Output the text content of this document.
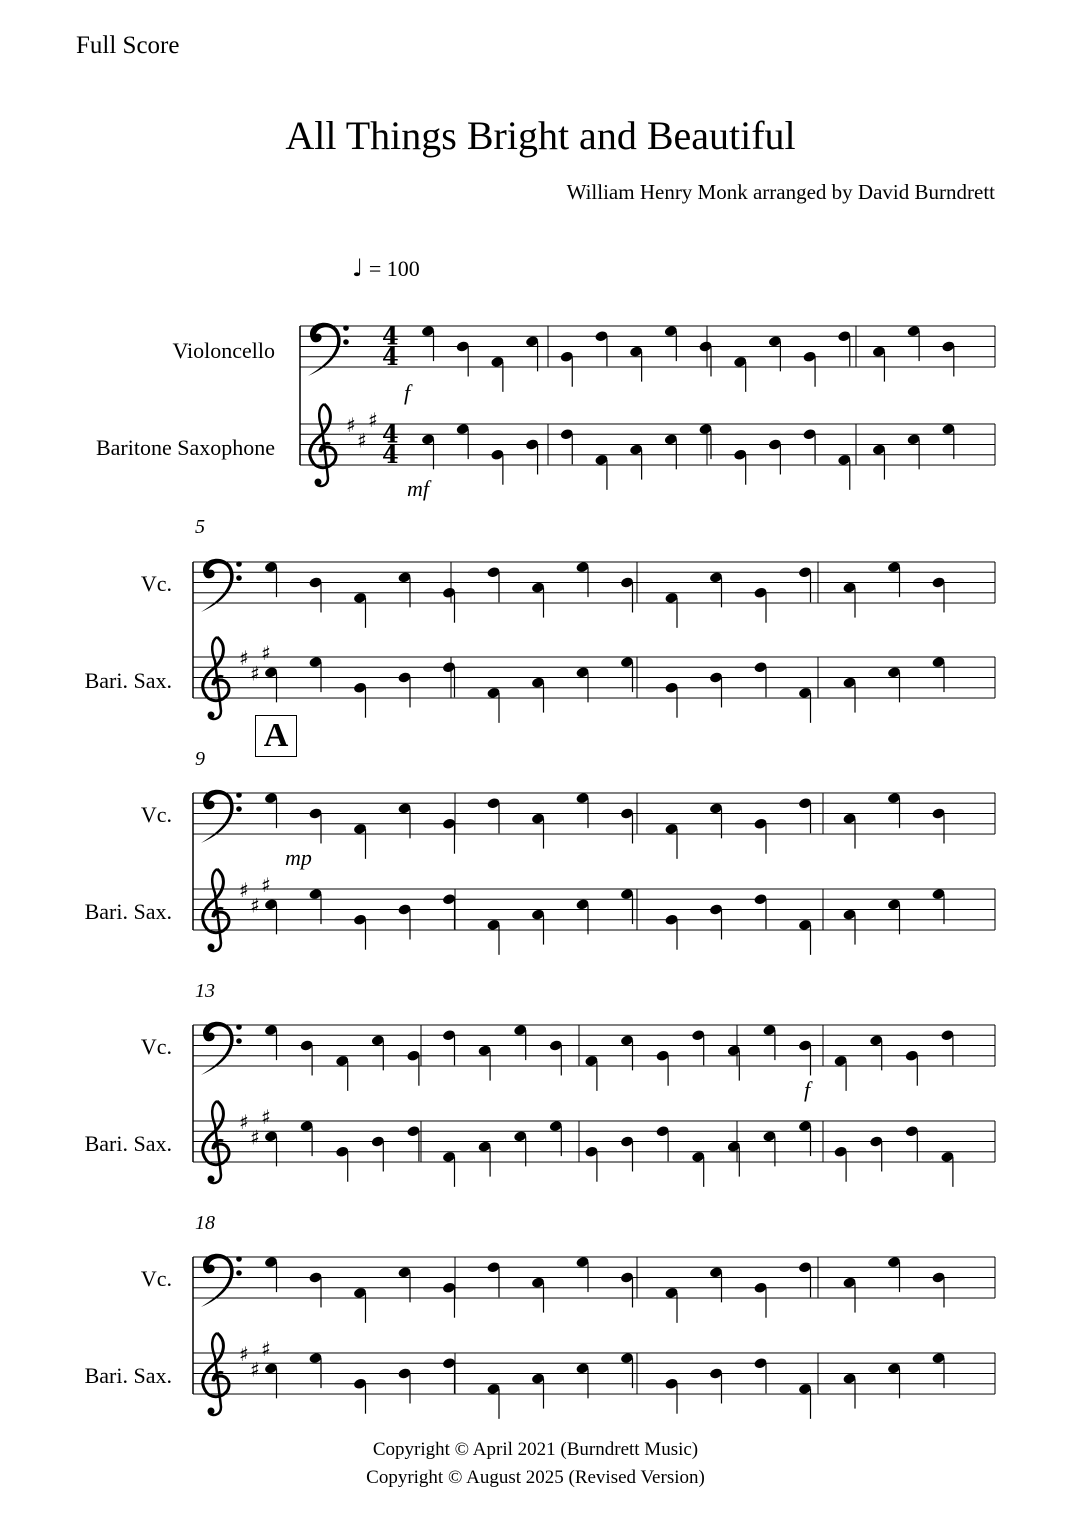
Full Score
All Things Bright and Beautiful
William Henry Monk arranged by David Burndrett
♩ = 100
Violoncello
Baritone Saxophone
Vc.
Bari. Sax.
Vc.
Bari. Sax.
Vc.
Bari. Sax.
Vc.
Bari. Sax.
5
9
13
18
A
f
mf
mp
f
♯
♯
♯
4
4
4
4
♯
♯
♯
♯
♯
♯
♯
♯
♯
♯
♯
♯
Copyright © April 2021 (Burndrett Music)
Copyright © August 2025 (Revised Version)
